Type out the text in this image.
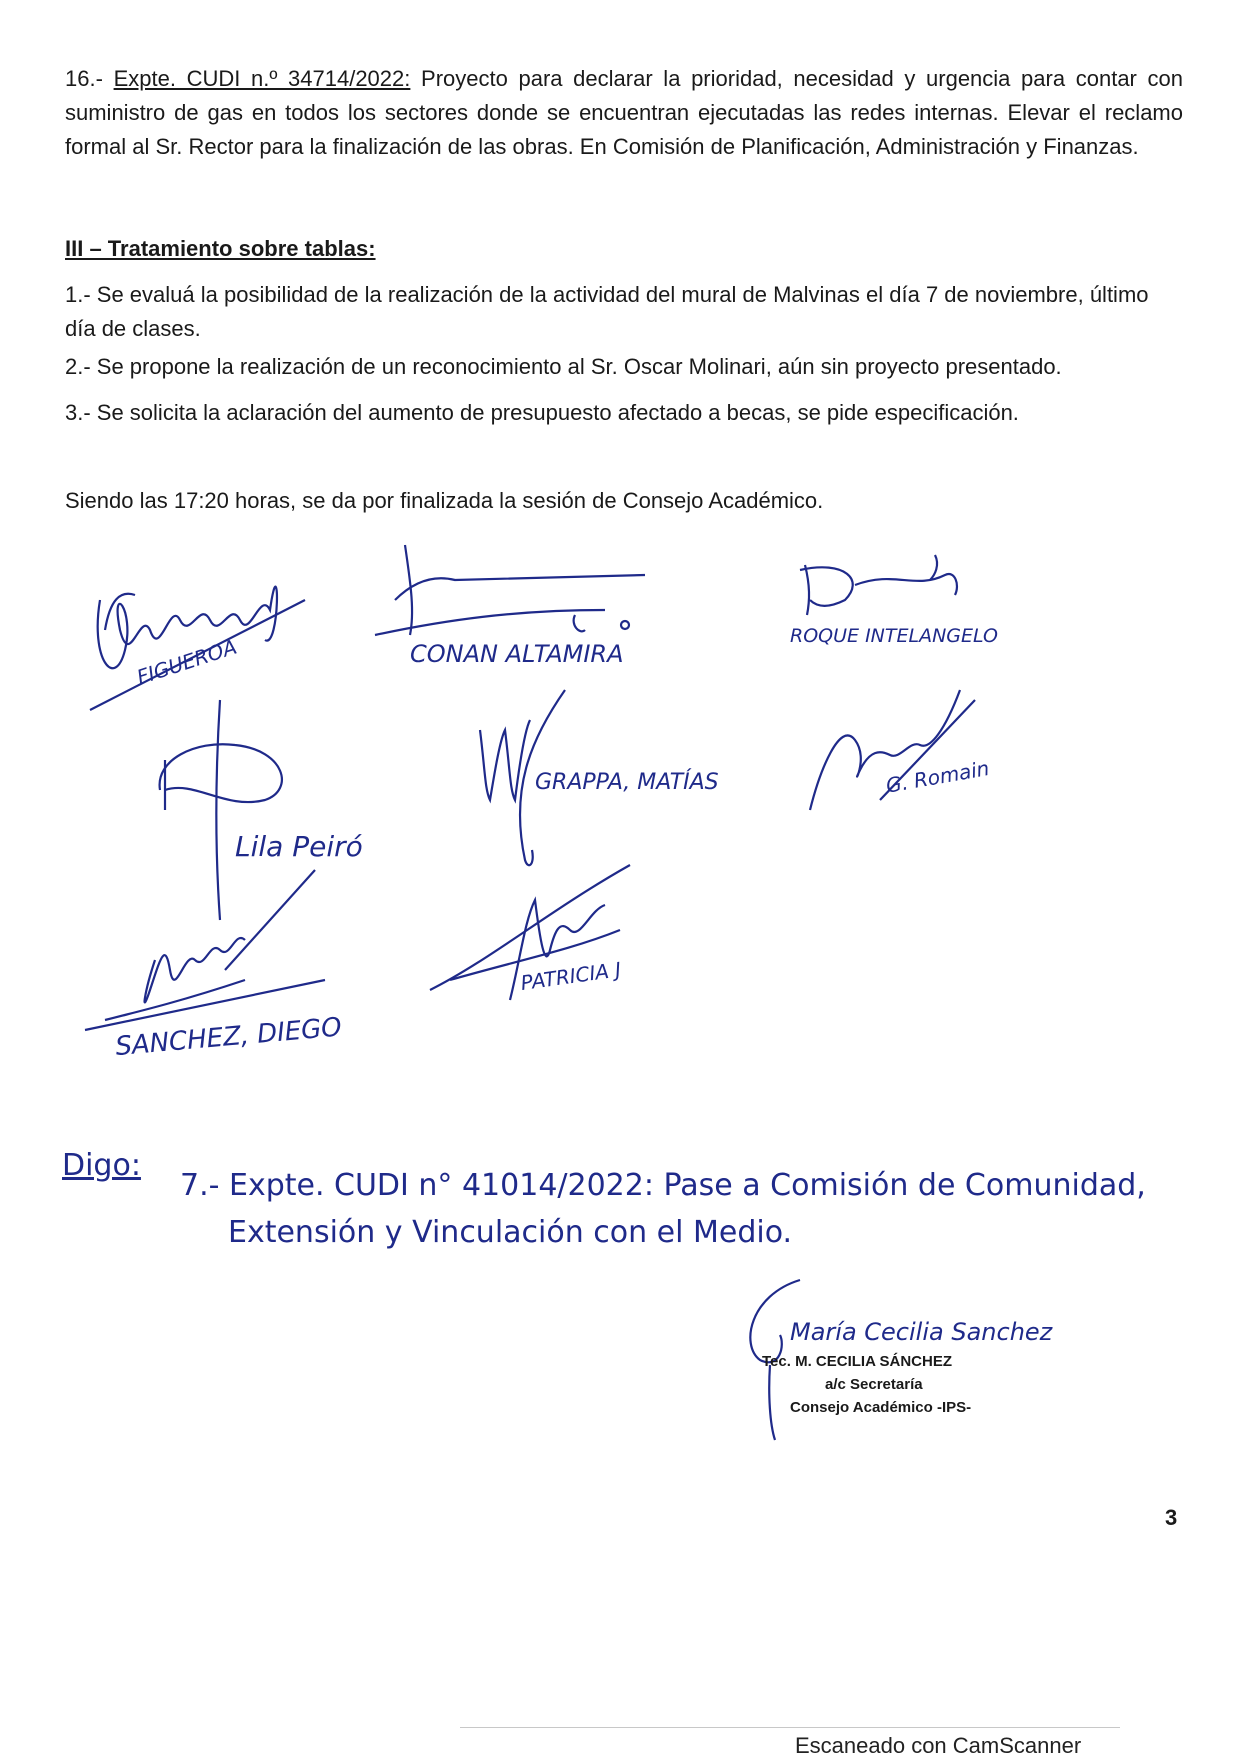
16.- Expte. CUDI n.º 34714/2022: Proyecto para declarar la prioridad, necesidad y urgencia para contar con suministro de gas en todos los sectores donde se encuentran ejecutadas las redes internas. Elevar el reclamo formal al Sr. Rector para la finalización de las obras. En Comisión de Planificación, Administración y Finanzas.
III – Tratamiento sobre tablas:
1.- Se evaluá la posibilidad de la realización de la actividad del mural de Malvinas el día 7 de noviembre, último día de clases.
2.- Se propone la realización de un reconocimiento al Sr. Oscar Molinari, aún sin proyecto presentado.
3.- Se solicita la aclaración del aumento de presupuesto afectado a becas, se pide especificación.
Siendo las 17:20 horas, se da por finalizada la sesión de Consejo Académico.
FIGUEROA	CONAN ALTAMIRA
ROQUE INTELANGELO
Lila Peiró
GRAPPA, MATÍAS	G. Romain
SANCHEZ, DIEGO
PATRICIA J
Digo:
7.- Expte. CUDI n° 41014/2022: Pase a Comisión de Comunidad,
Extensión y Vinculación con el Medio.
María Cecilia Sanchez
Tec. M. CECILIA SÁNCHEZ
a/c Secretaría
Consejo Académico -IPS-
3
Escaneado con CamScanner
